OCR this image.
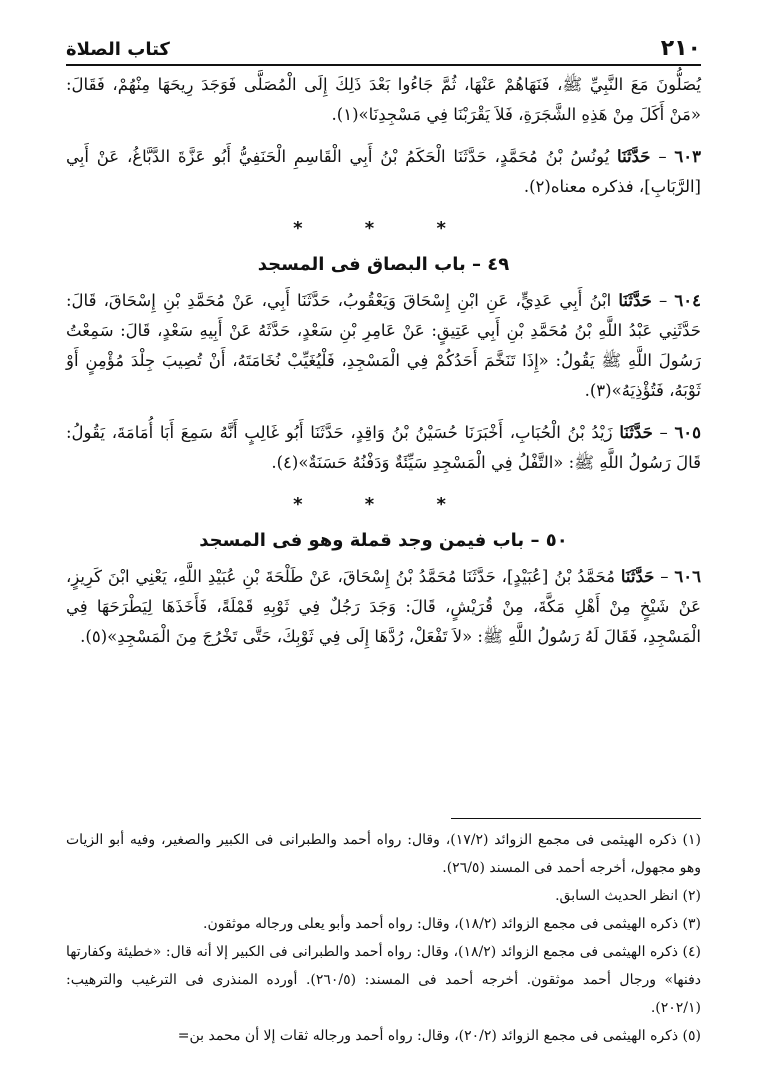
٢١٠
كتاب الصلاة

يُصَلُّونَ مَعَ النَّبِيِّ ﷺ، فَنَهَاهُمْ عَنْهَا، ثُمَّ جَاءُوا بَعْدَ ذَلِكَ إِلَى الْمُصَلَّى فَوَجَدَ رِيحَهَا مِنْهُمْ، فَقَالَ: «مَنْ أَكَلَ مِنْ هَذِهِ الشَّجَرَةِ، فَلاَ يَقْرَبْنَا فِي مَسْجِدِنَا»(١).

٦٠٣ – حَدَّثَنَا يُونُسُ بْنُ مُحَمَّدٍ، حَدَّثَنَا الْحَكَمُ بْنُ أَبِي الْقَاسِمِ الْحَنَفِيُّ أَبُو عَزَّةَ الدَّبَّاغُ، عَنْ أَبِي [الرَّبَابِ]، فذكره معناه(٢).

* * *
٤٩ – باب البصاق فى المسجد

٦٠٤ – حَدَّثَنَا ابْنُ أَبِي عَدِيٍّ، عَنِ ابْنِ إِسْحَاقَ وَيَعْقُوبُ، حَدَّثَنَا أَبِي، عَنْ مُحَمَّدِ بْنِ إِسْحَاقَ، قَالَ: حَدَّثَنِي عَبْدُ اللَّهِ بْنُ مُحَمَّدِ بْنِ أَبِي عَتِيقٍ: عَنْ عَامِرِ بْنِ سَعْدٍ، حَدَّثَهُ عَنْ أَبِيهِ سَعْدٍ، قَالَ: سَمِعْتُ رَسُولَ اللَّهِ ﷺ يَقُولُ: «إِذَا تَنَخَّمَ أَحَدُكُمْ فِي الْمَسْجِدِ، فَلْيُغَيِّبْ نُخَامَتَهُ، أَنْ تُصِيبَ جِلْدَ مُؤْمِنٍ أَوْ ثَوْبَهُ، فَتُؤْذِيَهُ»(٣).

٦٠٥ – حَدَّثَنَا زَيْدُ بْنُ الْحُبَابِ، أَخْبَرَنَا حُسَيْنُ بْنُ وَاقِدٍ، حَدَّثَنَا أَبُو غَالِبٍ أَنَّهُ سَمِعَ أَبَا أُمَامَةَ، يَقُولُ: قَالَ رَسُولُ اللَّهِ ﷺ: «التَّفْلُ فِي الْمَسْجِدِ سَيِّئَةٌ وَدَفْنُهُ حَسَنَةٌ»(٤).

* * *
٥٠ – باب فيمن وجد قملة وهو فى المسجد

٦٠٦ – حَدَّثَنَا مُحَمَّدُ بْنُ [عُبَيْدٍ]، حَدَّثَنَا مُحَمَّدُ بْنُ إِسْحَاقَ، عَنْ طَلْحَةَ بْنِ عُبَيْدِ اللَّهِ، يَعْنِي ابْنَ كَرِيزٍ، عَنْ شَيْخٍ مِنْ أَهْلِ مَكَّةَ، مِنْ قُرَيْشٍ، قَالَ: وَجَدَ رَجُلٌ فِي ثَوْبِهِ قَمْلَةً، فَأَخَذَهَا لِيَطْرَحَهَا فِي الْمَسْجِدِ، فَقَالَ لَهُ رَسُولُ اللَّهِ ﷺ: «لاَ تَفْعَلْ، رُدَّهَا إِلَى فِي ثَوْبِكَ، حَتَّى تَخْرُجَ مِنَ الْمَسْجِدِ»(٥).

(١) ذكره الهيثمى فى مجمع الزوائد (١٧/٢)، وقال: رواه أحمد والطبرانى فى الكبير والصغير، وفيه أبو الزيات وهو مجهول، أخرجه أحمد فى المسند (٢٦/٥).

(٢) انظر الحديث السابق.

(٣) ذكره الهيثمى فى مجمع الزوائد (١٨/٢)، وقال: رواه أحمد وأبو يعلى ورجاله موثقون.

(٤) ذكره الهيثمى فى مجمع الزوائد (١٨/٢)، وقال: رواه أحمد والطبرانى فى الكبير إلا أنه قال: «خطيئة وكفارتها دفنها» ورجال أحمد موثقون. أخرجه أحمد فى المسند: (٢٦٠/٥). أورده المنذرى فى الترغيب والترهيب: (٢٠٢/١).

(٥) ذكره الهيثمى فى مجمع الزوائد (٢٠/٢)، وقال: رواه أحمد ورجاله ثقات إلا أن محمد بن=
